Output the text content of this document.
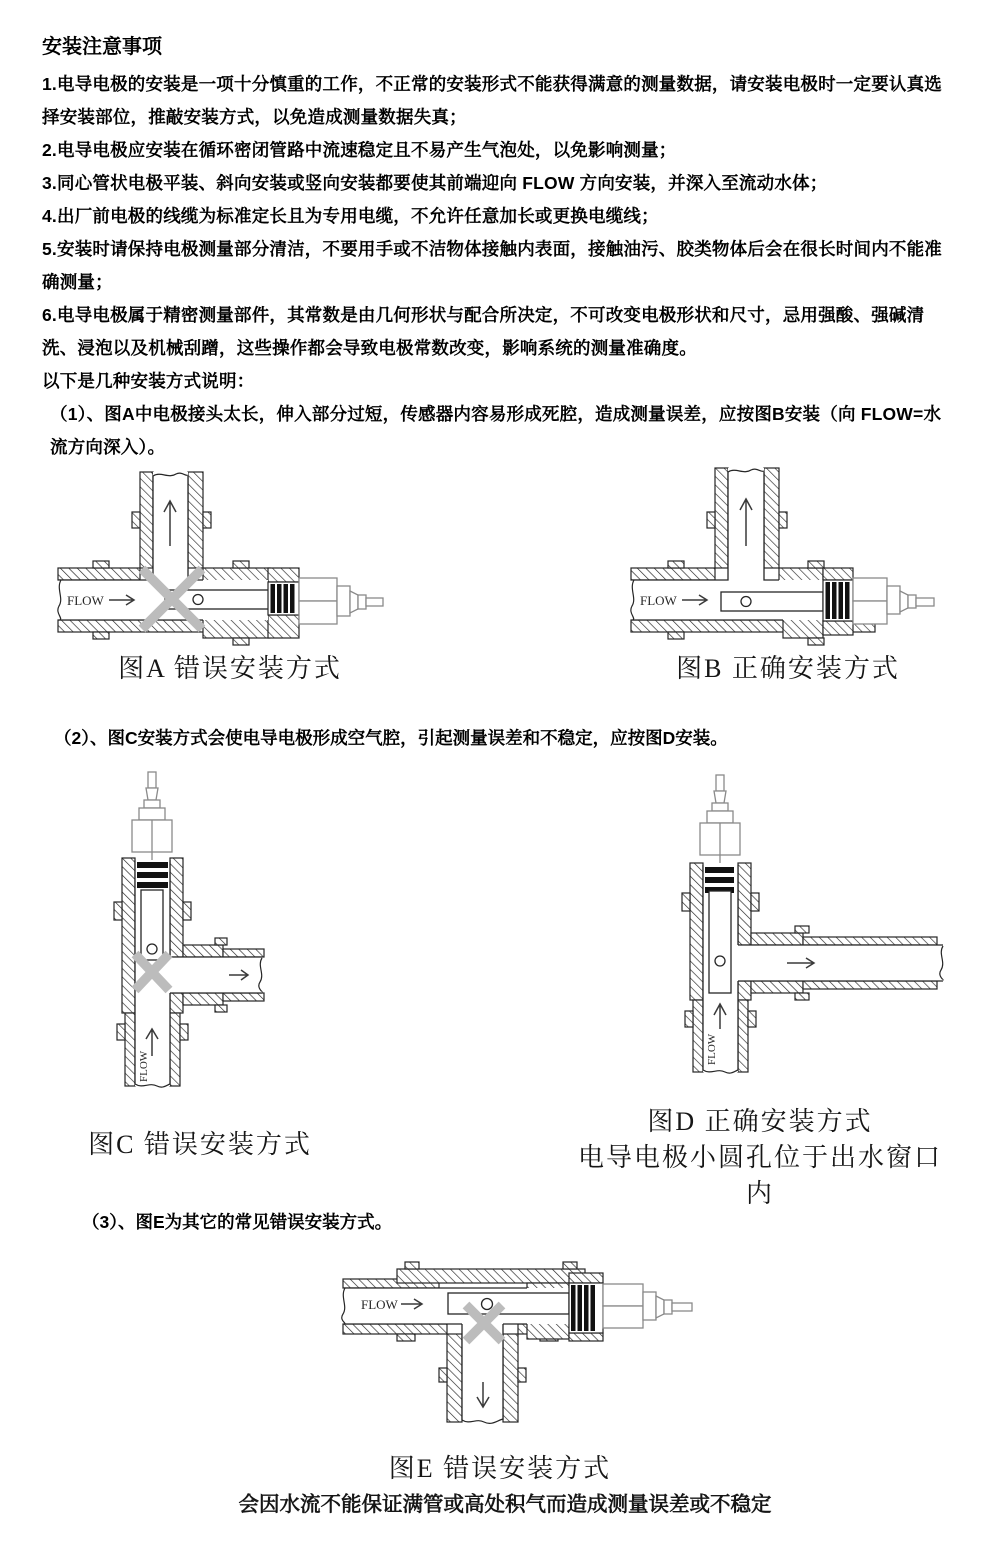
安装注意事项

1.电导电极的安装是一项十分慎重的工作，不正常的安装形式不能获得满意的测量数据，请安装电极时一定要认真选择安装部位，推敲安装方式，以免造成测量数据失真；

2.电导电极应安装在循环密闭管路中流速稳定且不易产生气泡处，以免影响测量；

3.同心管状电极平装、斜向安装或竖向安装都要使其前端迎向 FLOW 方向安装，并深入至流动水体；

4.出厂前电极的线缆为标准定长且为专用电缆，不允许任意加长或更换电缆线；

5.安装时请保持电极测量部分清洁，不要用手或不洁物体接触内表面，接触油污、胶类物体后会在很长时间内不能准确测量；

6.电导电极属于精密测量部件，其常数是由几何形状与配合所决定，不可改变电极形状和尺寸，忌用强酸、强碱清洗、浸泡以及机械刮蹭，这些操作都会导致电极常数改变，影响系统的测量准确度。

以下是几种安装方式说明：

（1）、图A中电极接头太长，伸入部分过短，传感器内容易形成死腔，造成测量误差，应按图B安装（向 FLOW=水流方向深入）。

FLOW
图A 错误安装方式
FLOW
图B 正确安装方式
（2）、图C安装方式会使电导电极形成空气腔，引起测量误差和不稳定，应按图D安装。
FLOW
图C 错误安装方式
FLOW
图D 正确安装方式
电导电极小圆孔位于出水窗口内
（3）、图E为其它的常见错误安装方式。
FLOW
图E 错误安装方式
会因水流不能保证满管或高处积气而造成测量误差或不稳定
